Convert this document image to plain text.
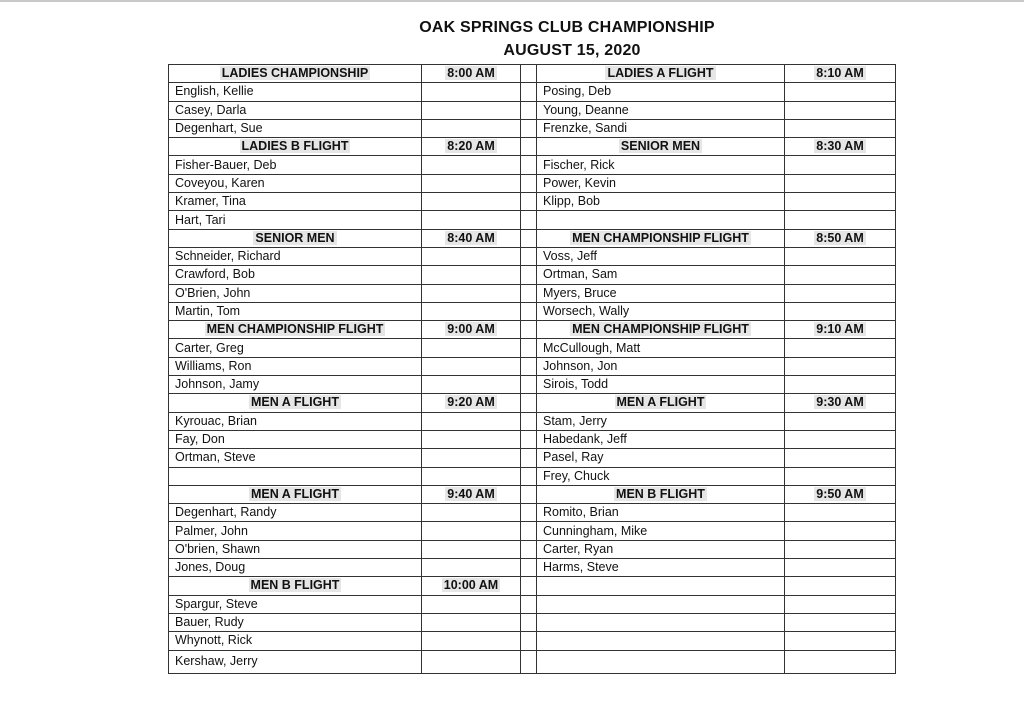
OAK SPRINGS CLUB CHAMPIONSHIP
AUGUST 15, 2020
LADIES CHAMPIONSHIP	8:00 AM		LADIES A FLIGHT	8:10 AM
English, Kellie			Posing, Deb	
Casey, Darla			Young, Deanne	
Degenhart, Sue			Frenzke, Sandi	
LADIES B FLIGHT	8:20 AM		SENIOR MEN	8:30 AM
Fisher-Bauer, Deb			Fischer, Rick	
Coveyou, Karen			Power, Kevin	
Kramer, Tina			Klipp, Bob	
Hart, Tari				
SENIOR MEN	8:40 AM		MEN CHAMPIONSHIP FLIGHT	8:50 AM
Schneider, Richard			Voss, Jeff	
Crawford, Bob			Ortman, Sam	
O'Brien, John			Myers, Bruce	
Martin, Tom			Worsech, Wally	
MEN CHAMPIONSHIP FLIGHT	9:00 AM		MEN CHAMPIONSHIP FLIGHT	9:10 AM
Carter, Greg			McCullough, Matt	
Williams, Ron			Johnson, Jon	
Johnson, Jamy			Sirois, Todd	
MEN A FLIGHT	9:20 AM		MEN A FLIGHT	9:30 AM
Kyrouac, Brian			Stam, Jerry	
Fay, Don			Habedank, Jeff	
Ortman, Steve			Pasel, Ray	
			Frey, Chuck	
MEN A FLIGHT	9:40 AM		MEN B FLIGHT	9:50 AM
Degenhart, Randy			Romito, Brian	
Palmer, John			Cunningham, Mike	
O'brien, Shawn			Carter, Ryan	
Jones, Doug			Harms, Steve	
MEN B FLIGHT	10:00 AM			
Spargur, Steve				
Bauer, Rudy				
Whynott, Rick				
Kershaw, Jerry				
